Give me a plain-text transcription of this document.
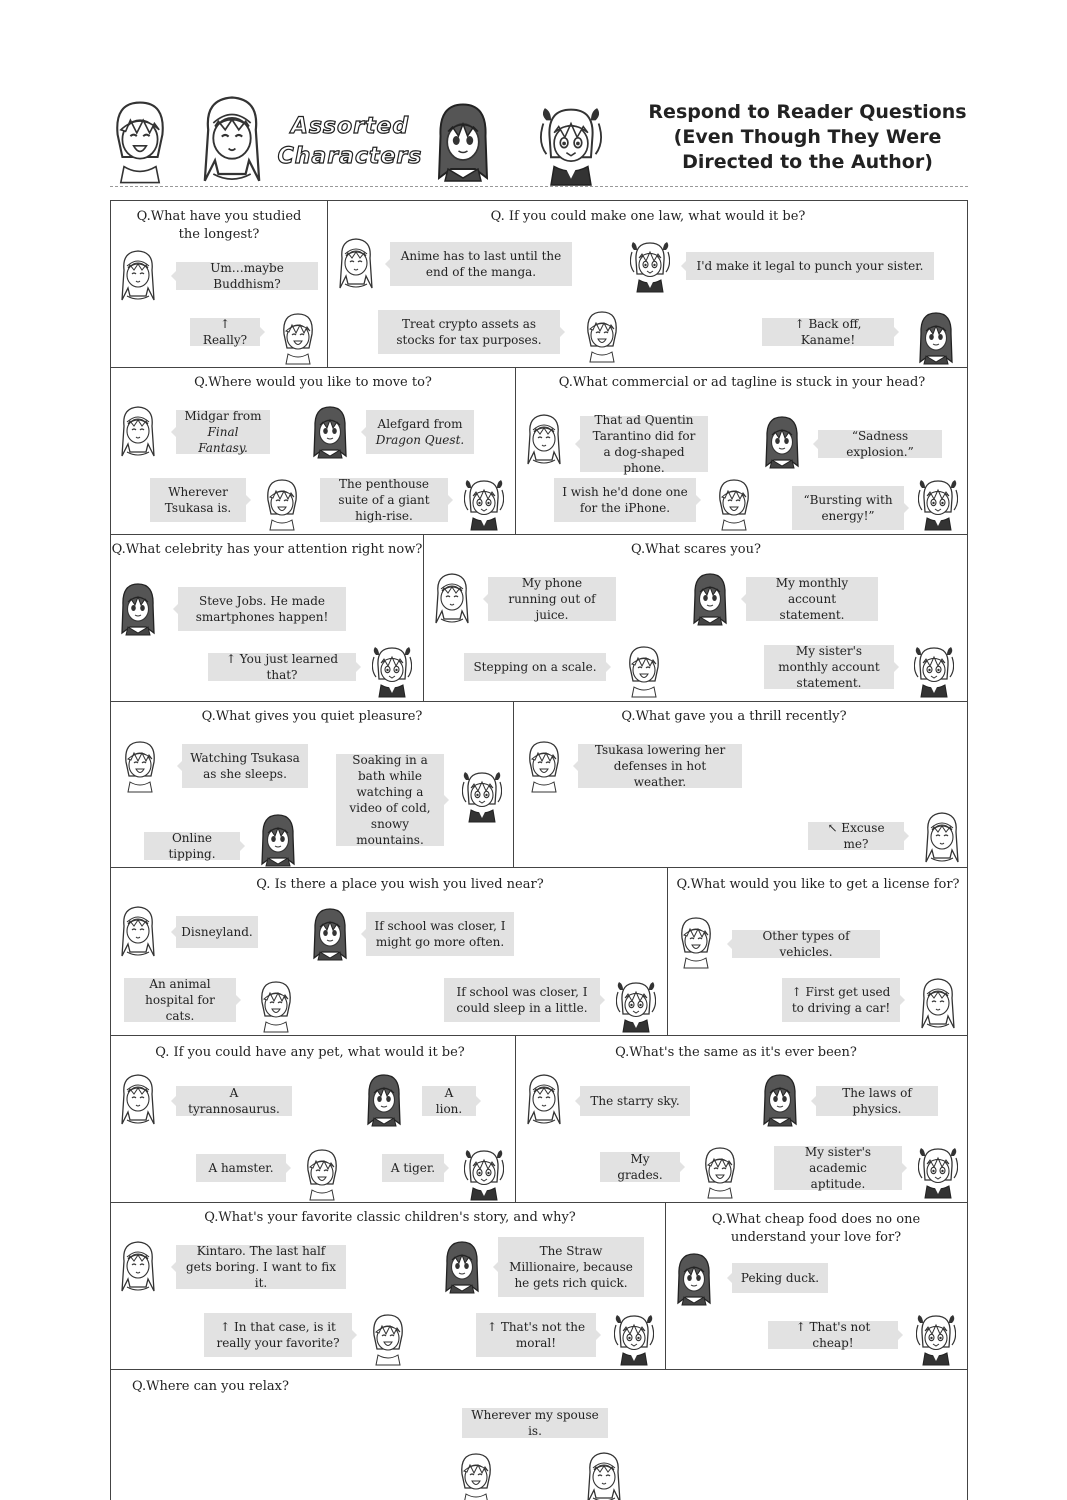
Assorted
Characters
Respond to Reader Questions
(Even Though They Were
Directed to the Author)
Q.What have you studied
the longest?
Um…maybe Buddhism?
↑ Really?
Q. If you could make one law, what would it be?
Anime has to last until the end of the manga.	I'd make it legal to punch your sister.
Treat crypto assets as stocks for tax purposes.
↑ Back off, Kaname!
Q.Where would you like to move to?
Midgar from
Final Fantasy.
Alefgard from
Dragon Quest.
Wherever Tsukasa is.
The penthouse suite of a giant high-rise.
Q.What commercial or ad tagline is stuck in your head?
That ad Quentin Tarantino did for a dog-shaped phone.
“Sadness explosion.”
I wish he'd done one for the iPhone.
“Bursting with energy!”
Q.What celebrity has your attention right now?
Steve Jobs. He made smartphones happen!
↑ You just learned that?
Q.What scares you?
My phone running out of juice.
My monthly account statement.
Stepping on a scale.
My sister's monthly account statement.
Q.What gives you quiet pleasure?
Watching Tsukasa as she sleeps.
Soaking in a bath while watching a video of cold, snowy mountains.
Online tipping.
Q.What gave you a thrill recently?
Tsukasa lowering her defenses in hot weather.
↖ Excuse me?
Q. Is there a place you wish you lived near?
Disneyland.	If school was closer, I might go more often.
An animal hospital for cats.
If school was closer, I could sleep in a little.
Q.What would you like to get a license for?
Other types of vehicles.
↑ First get used to driving a car!
Q. If you could have any pet, what would it be?
A tyrannosaurus.
A lion.
A hamster.	A tiger.
Q.What's the same as it's ever been?
The starry sky.
The laws of physics.
My grades.
My sister's academic aptitude.
Q.What's your favorite classic children's story, and why?
Kintaro. The last half gets boring. I want to fix it.
The Straw Millionaire, because he gets rich quick.
↑ In that case, is it really your favorite?
↑ That's not the moral!
Q.What cheap food does no one
understand your love for?
Peking duck.
↑ That's not cheap!
Q.Where can you relax?
Wherever my spouse is.
